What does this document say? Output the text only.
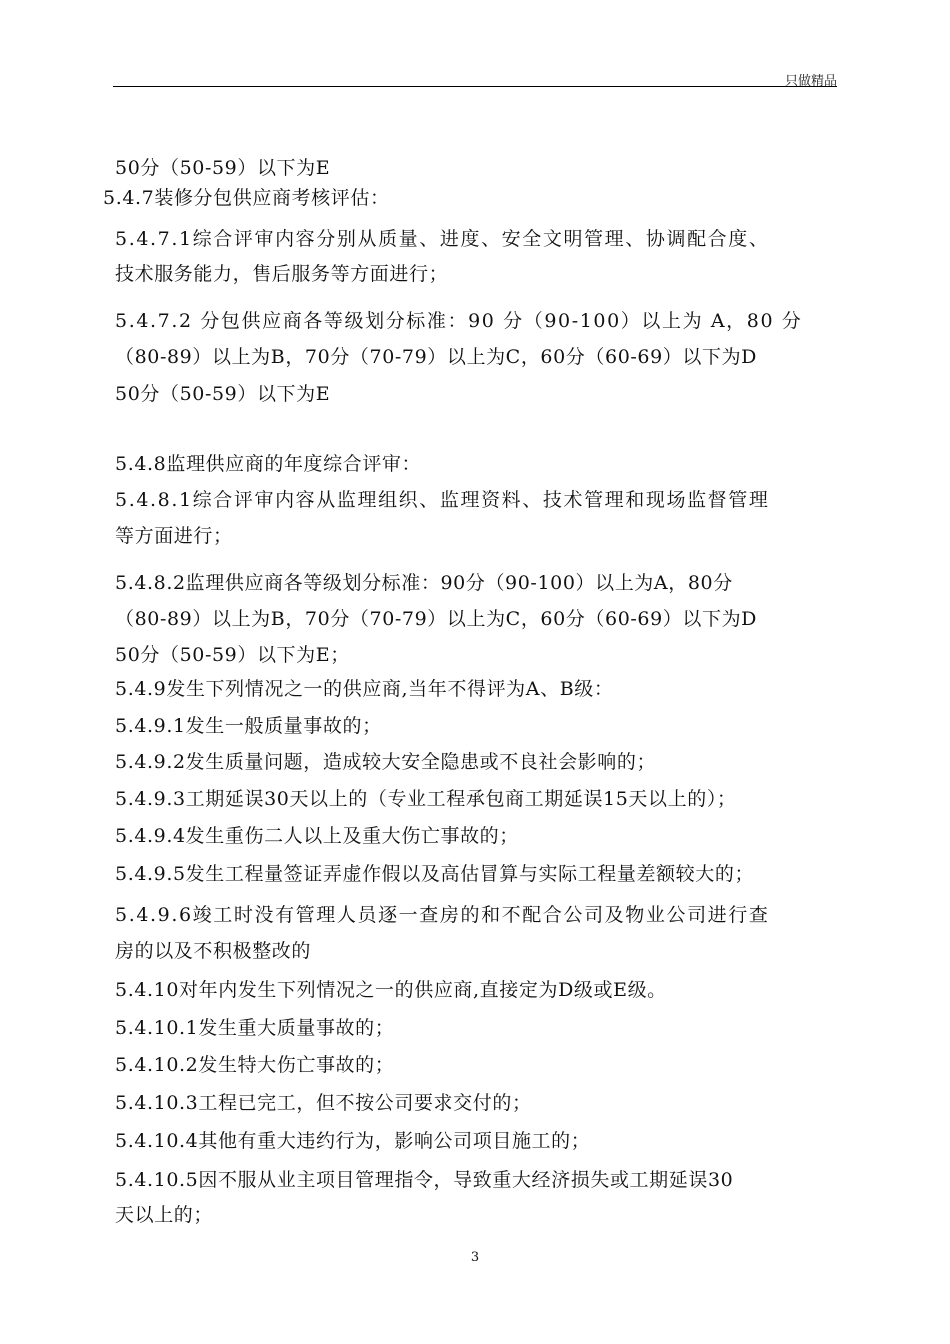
只做精品
50分（50-59）以下为E
5.4.7装修分包供应商考核评估：
5.4.7.1综合评审内容分别从质量、进度、安全文明管理、协调配合度、
技术服务能力，售后服务等方面进行；
5.4.7.2 分包供应商各等级划分标准：90 分（90-100）以上为 A，80 分
（80-89）以上为B，70分（70-79）以上为C，60分（60-69）以下为D
50分（50-59）以下为E
5.4.8监理供应商的年度综合评审：
5.4.8.1综合评审内容从监理组织、监理资料、技术管理和现场监督管理
等方面进行；
5.4.8.2监理供应商各等级划分标准：90分（90-100）以上为A，80分
（80-89）以上为B，70分（70-79）以上为C，60分（60-69）以下为D
50分（50-59）以下为E；
5.4.9发生下列情况之一的供应商,当年不得评为A、B级：
5.4.9.1发生一般质量事故的；
5.4.9.2发生质量问题，造成较大安全隐患或不良社会影响的；
5.4.9.3工期延误30天以上的（专业工程承包商工期延误15天以上的）；
5.4.9.4发生重伤二人以上及重大伤亡事故的；
5.4.9.5发生工程量签证弄虚作假以及高估冒算与实际工程量差额较大的；
5.4.9.6竣工时没有管理人员逐一查房的和不配合公司及物业公司进行查
房的以及不积极整改的
5.4.10对年内发生下列情况之一的供应商,直接定为D级或E级。
5.4.10.1发生重大质量事故的；
5.4.10.2发生特大伤亡事故的；
5.4.10.3工程已完工，但不按公司要求交付的；
5.4.10.4其他有重大违约行为，影响公司项目施工的；
5.4.10.5因不服从业主项目管理指令，导致重大经济损失或工期延误30
天以上的；
3
